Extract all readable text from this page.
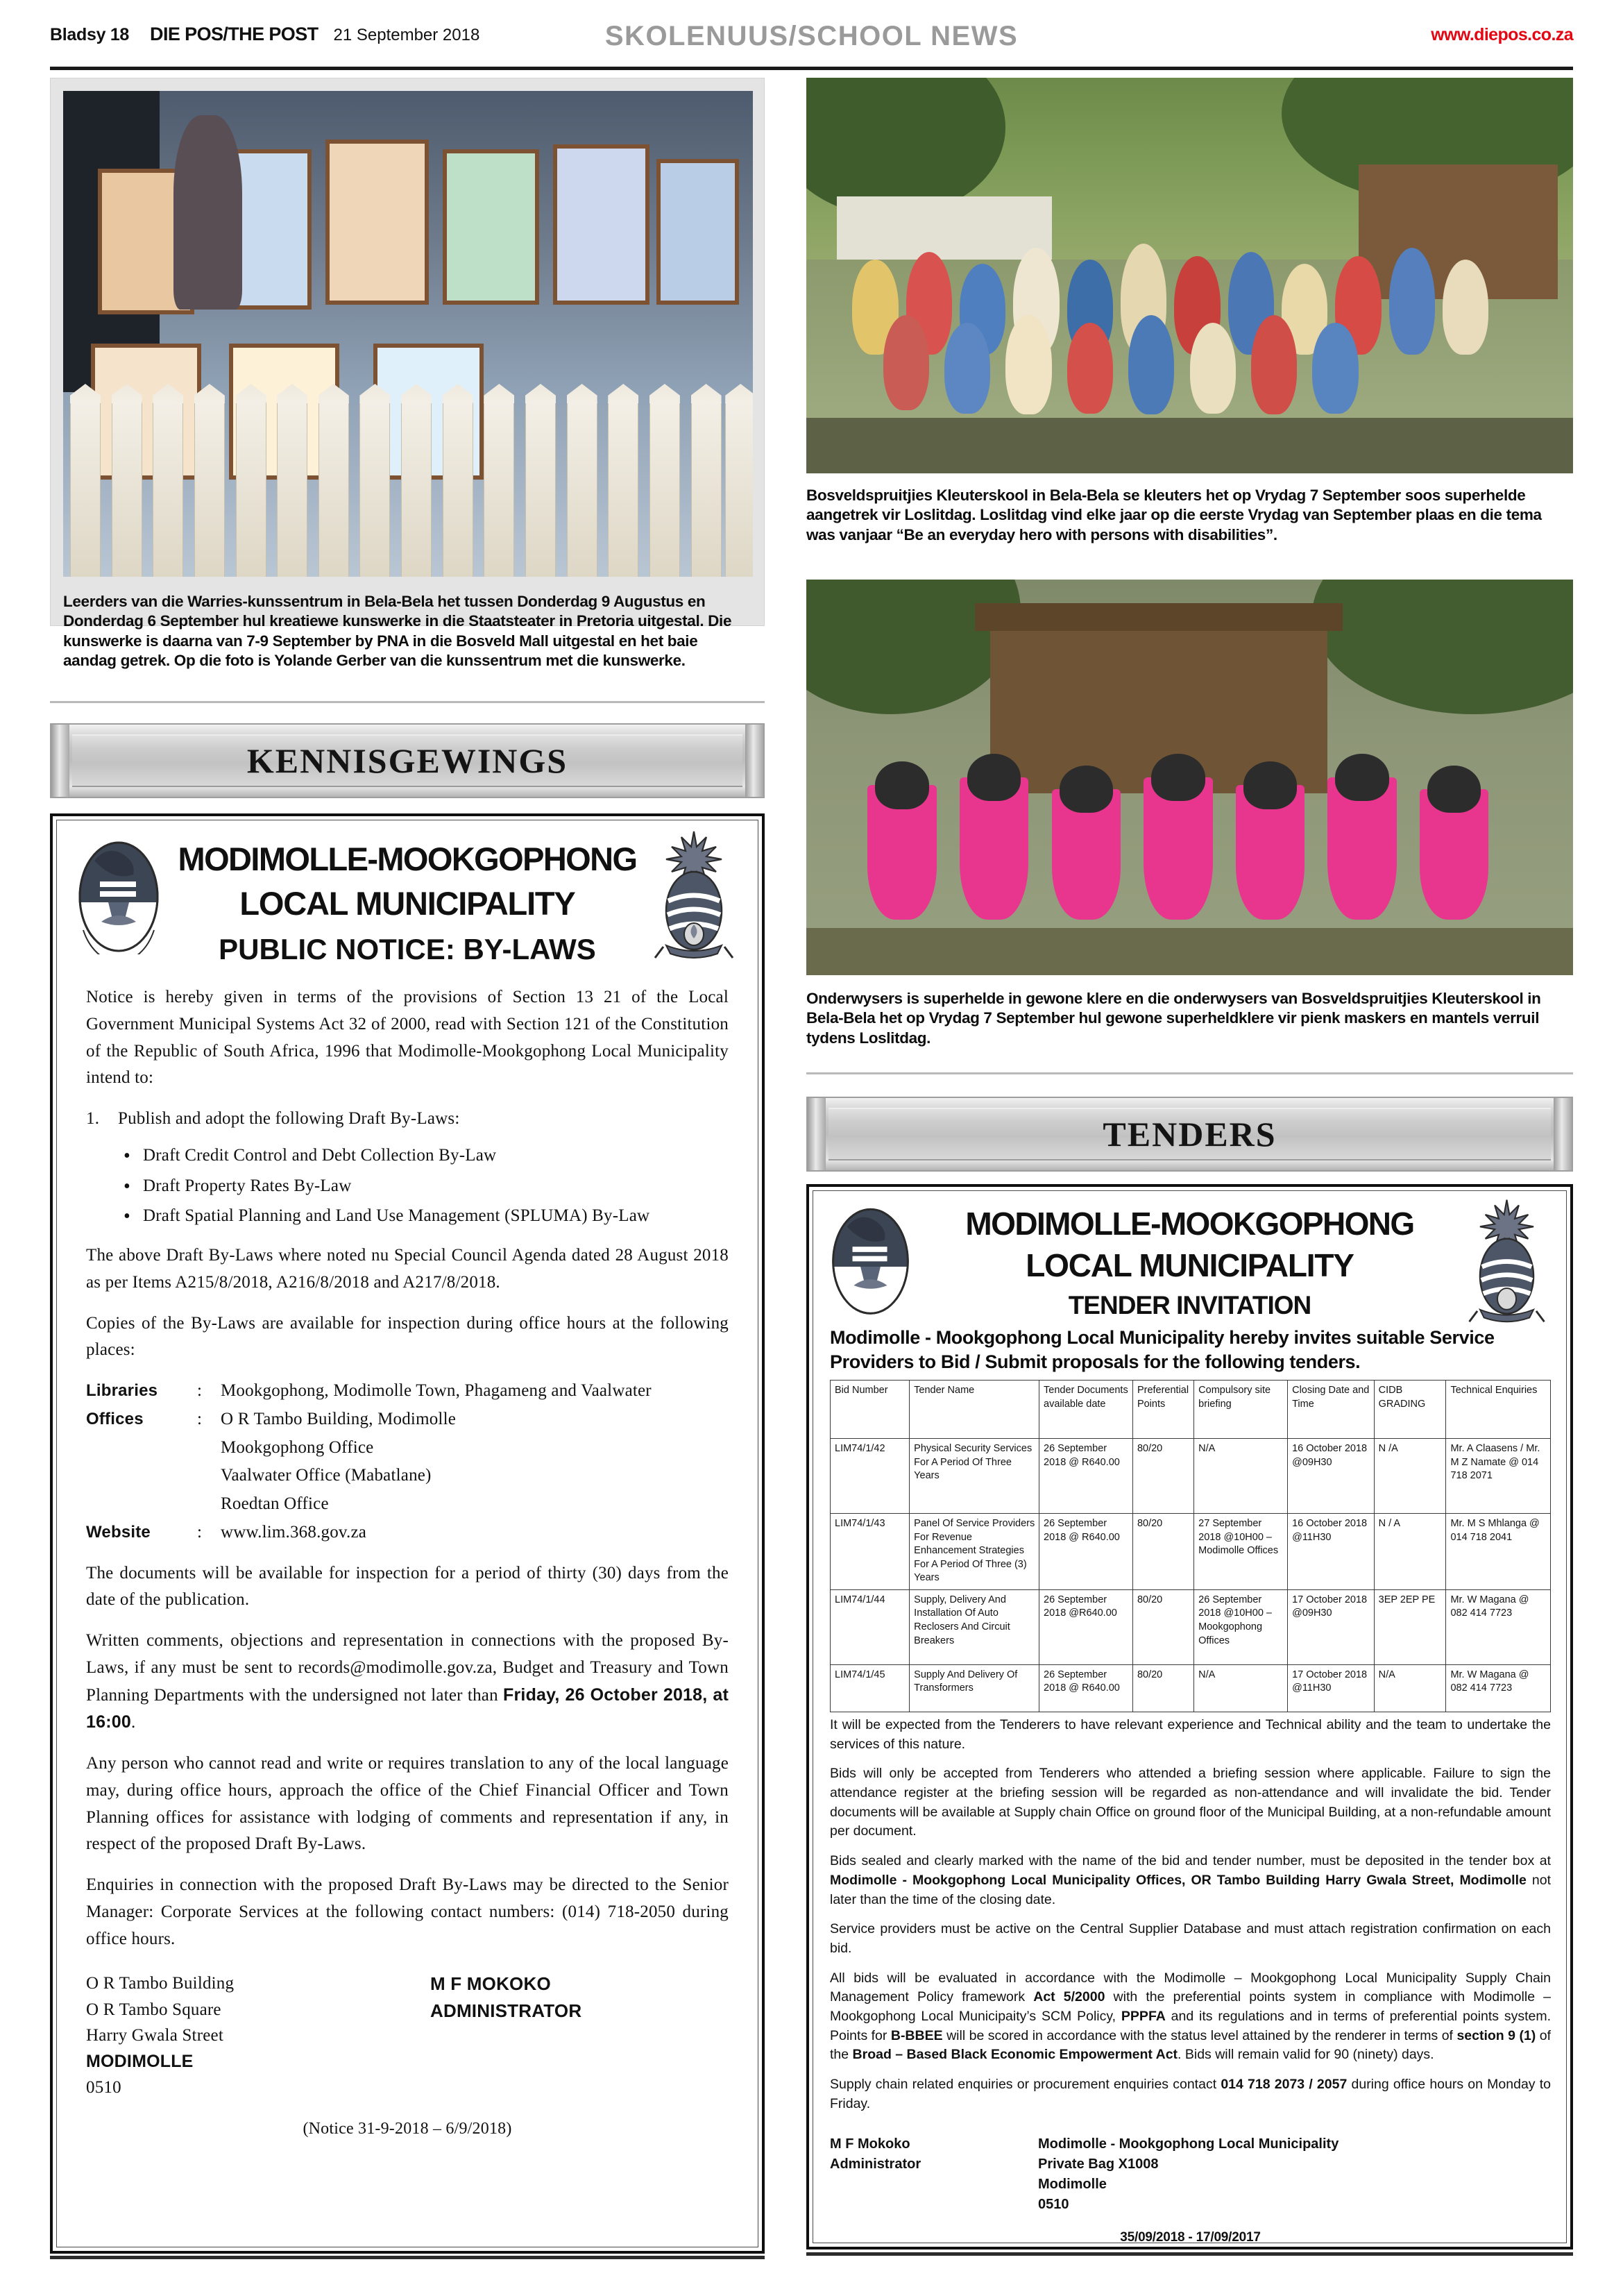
Bladsy 18 DIE POS/THE POST 21 September 2018	SKOLENUUS/SCHOOL NEWS	www.diepos.co.za
Leerders van die Warries-kunssentrum in Bela-Bela het tussen Donderdag 9 Augustus en Donderdag 6 September hul kreatiewe kunswerke in die Staatsteater in Pretoria uitgestal. Die kunswerke is daarna van 7-9 September by PNA in die Bosveld Mall uitgestal en het baie aandag getrek. Op die foto is Yolande Gerber van die kunssentrum met die kunswerke.
Bosveldspruitjies Kleuterskool in Bela-Bela se kleuters het op Vrydag 7 September soos superhelde aangetrek vir Loslitdag. Loslitdag vind elke jaar op die eerste Vrydag van September plaas en die tema was vanjaar “Be an everyday hero with persons with disabilities”.
Onderwysers is superhelde in gewone klere en die onderwysers van Bosveldspruitjies Kleuterskool in Bela-Bela het op Vrydag 7 September hul gewone superheldklere vir pienk maskers en mantels verruil tydens Loslitdag.
KENNISGEWINGS
MODIMOLLE-MOOKGOPHONG
LOCAL MUNICIPALITY
PUBLIC NOTICE: BY-LAWS

Notice is hereby given in terms of the provisions of Section 13 21 of the Local Government Municipal Systems Act 32 of 2000, read with Section 121 of the Constitution of the Republic of South Africa, 1996 that Modimolle-Mookgophong Local Municipality intend to:

1.	Publish and adopt the following Draft By-Laws:
• Draft Credit Control and Debt Collection By-Law
• Draft Property Rates By-Law
• Draft Spatial Planning and Land Use Management (SPLUMA) By-Law

The above Draft By-Laws where noted nu Special Council Agenda dated 28 August 2018 as per Items A215/8/2018, A216/8/2018 and A217/8/2018.

Copies of the By-Laws are available for inspection during office hours at the following places:

Libraries	:	Mookgophong, Modimolle Town, Phagameng and Vaalwater
Offices	:	O R Tambo Building, Modimolle
Mookgophong Office
Vaalwater Office (Mabatlane)
Roedtan Office
Website	:	www.lim.368.gov.za

The documents will be available for inspection for a period of thirty (30) days from the date of the publication.

Written comments, objections and representation in connections with the proposed By-Laws, if any must be sent to records@modimolle.gov.za, Budget and Treasury and Town Planning Departments with the undersigned not later than Friday, 26 October 2018, at 16:00.

Any person who cannot read and write or requires translation to any of the local language may, during office hours, approach the office of the Chief Financial Officer and Town Planning offices for assistance with lodging of comments and representation if any, in respect of the proposed Draft By-Laws.

Enquiries in connection with the proposed Draft By-Laws may be directed to the Senior Manager: Corporate Services at the following contact numbers: (014) 718-2050 during office hours.

O R Tambo Building
O R Tambo Square
Harry Gwala Street
MODIMOLLE
0510
M F MOKOKO
ADMINISTRATOR
(Notice 31-9-2018 – 6/9/2018)
TENDERS
MODIMOLLE-MOOKGOPHONG
LOCAL MUNICIPALITY
TENDER INVITATION
Modimolle - Mookgophong Local Municipality hereby invites suitable Service Providers to Bid / Submit proposals for the following tenders.
Bid Number	Tender Name	Tender Documents available date	Preferential Points	Compulsory site briefing	Closing Date and Time	CIDB GRADING	Technical Enquiries
LIM74/1/42	Physical Security Services For A Period Of Three Years	26 September 2018 @ R640.00	80/20	N/A	16 October 2018 @09H30	N /A	Mr. A Claasens / Mr. M Z Namate @ 014 718 2071
LIM74/1/43	Panel Of Service Providers For Revenue Enhancement Strategies For A Period Of Three (3) Years	26 September 2018 @ R640.00	80/20	27 September 2018 @10H00 – Modimolle Offices	16 October 2018 @11H30	N / A	Mr. M S Mhlanga @ 014 718 2041
LIM74/1/44	Supply, Delivery And Installation Of Auto Reclosers And Circuit Breakers	26 September 2018 @R640.00	80/20	26 September 2018 @10H00 – Mookgophong Offices	17 October 2018 @09H30	3EP 2EP PE	Mr. W Magana @ 082 414 7723
LIM74/1/45	Supply And Delivery Of Transformers	26 September 2018 @ R640.00	80/20	N/A	17 October 2018 @11H30	N/A	Mr. W Magana @ 082 414 7723

It will be expected from the Tenderers to have relevant experience and Technical ability and the team to undertake the services of this nature.

Bids will only be accepted from Tenderers who attended a briefing session where applicable. Failure to sign the attendance register at the briefing session will be regarded as non-attendance and will invalidate the bid. Tender documents will be available at Supply chain Office on ground floor of the Municipal Building, at a non-refundable amount per document.

Bids sealed and clearly marked with the name of the bid and tender number, must be deposited in the tender box at Modimolle - Mookgophong Local Municipality Offices, OR Tambo Building Harry Gwala Street, Modimolle not later than the time of the closing date.

Service providers must be active on the Central Supplier Database and must attach registration confirmation on each bid.

All bids will be evaluated in accordance with the Modimolle – Mookgophong Local Municipality Supply Chain Management Policy framework Act 5/2000 with the preferential points system in compliance with Modimolle – Mookgophong Local Municipaity’s SCM Policy, PPPFA and its regulations and in terms of preferential points system. Points for B-BBEE will be scored in accordance with the status level attained by the renderer in terms of section 9 (1) of the Broad – Based Black Economic Empowerment Act. Bids will remain valid for 90 (ninety) days.

Supply chain related enquiries or procurement enquiries contact 014 718 2073 / 2057 during office hours on Monday to Friday.

M F Mokoko
Administrator
Modimolle - Mookgophong Local Municipality
Private Bag X1008
Modimolle
0510
35/09/2018 - 17/09/2017
